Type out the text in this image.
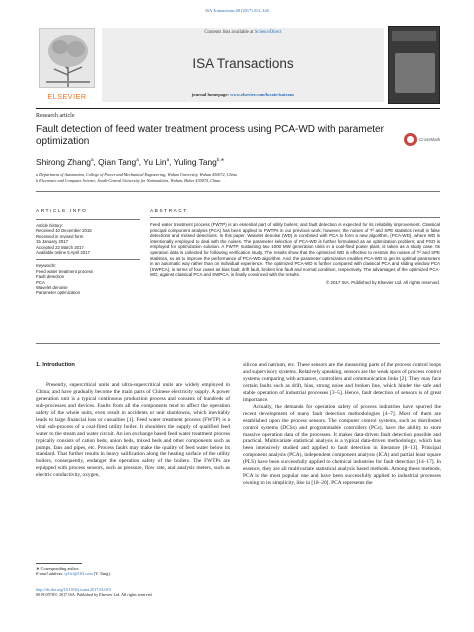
ISA Transactions 68 (2017) 313–326
ELSEVIER
Contents lists available at ScienceDirect
ISA Transactions
journal homepage: www.elsevier.com/locate/isatrans
Research article
Fault detection of feed water treatment process using PCA-WD with parameter optimization	CrossMark
Shirong Zhang$^a$, Qian Tang$^a$, Yu Lin$^a$, Yuling Tang$^{b,∗}$
a Department of Automation, College of Power and Mechanical Engineering, Wuhan University, Wuhan 430072, China
b Electronic and Computer Science, South-Central University for Nationalities, Wuhan, Hubei 430074, China
ARTICLE INFO
Article history:
Received 10 December 2015
Received in revised form
15 January 2017
Accepted 22 March 2017
Available online 5 April 2017
Keywords:
Feed water treatment process
Fault detection
PCA
Wavelet denoise
Parameter optimization
ABSTRACT
Feed water treatment process (FWTP) is an essential part of utility boilers; and fault detection is expected for its reliability improvement. Classical principal component analysis (PCA) has been applied to FWTPs in our previous work; however, the noises of T² and SPE statistics result in false detections and missed detections. In this paper, Wavelet denoise (WD) is combined with PCA to form a new algorithm, (PCA-WD), where WD is intentionally employed to deal with the noises. The parameter selection of PCA-WD is further formulated as an optimization problem; and PSO is employed for optimization solution. A FWTP, sustaining two 1000 MW generation units in a coal-fired power plant, is taken as a study case. Its operation data is collected for following verification study. The results show that the optimized WD is effective to restrain the noises of T² and SPE statistics, so as to improve the performance of PCA-WD algorithm. And, the parameter optimization enables PCA-WD to get its optimal parameters in an automatic way rather than on individual experience. The optimized PCA-WD is further compared with classical PCA and sliding window PCA (SWPCA), in terms of four cases as bias fault, drift fault, broken line fault and normal condition, respectively. The advantages of the optimized PCA-WD, against classical PCA and SWPCA, is finally convinced with the results.
© 2017 ISA. Published by Elsevier Ltd. All rights reserved.
1. Introduction

Presently, supercritical units and ultra-supercritical units are widely employed in China; and have gradually become the main parts of Chinese electricity supply. A power generation unit is a typical continuous production process and consists of hundreds of sub-processes and devices. Faults from all the components tend to affect the operation safety of the whole units, even result in accidents or unit shutdowns, which inevitably leads to large financial loss or casualties [1]. Feed water treatment process (FWTP) is a vital sub-process of a coal-fired utility boiler. It shoulders the supply of qualified feed water to the steam and water circuit. An ion exchange based feed water treatment process typically consists of cation beds, anion beds, mixed beds and other components such as pumps, fans and pipes, etc. Process faults may make the quality of feed water below its standard. That further results in heavy salification along the heating surface of the utility boilers, consequently, endanger the operation safety of the boilers. The FWTPs are equipped with process sensors, such as pressure, flow rate, and analysis meters, such as electric conductivity, oxygen,

silicon and natrium, etc. These sensors are the measuring parts of the process control loops and supervisory systems. Relatively speaking, sensors are the weak spots of process control systems comparing with actuators, controllers and communication links [2]. They may face certain faults such as drift, bias, strong noise and broken line, which hinder the safe and stable operation of industrial processes [3–5]. Hence, fault detection of sensors is of great importance.

Actually, the demands for operation safety of process industries have spurred the recent development of many fault detection methodologies [4–7]. Most of them are established upon the process sensors. The computer control systems, such as distributed control systems (DCSs) and programmable controllers (PCs), have the ability to store massive operation data of the processes. It makes data-driven fault detection possible and practical. Multivariate statistical analysis is a typical data-driven methodology, which has been intensively studied and applied to fault detection in literature [8–13]. Principal component analysis (PCA), independent component analysis (ICA) and partial least square (PLS) have been successfully applied to chemical industries for fault detection [14–17]. In essence, they are all multivariate statistical analysis based methods. Among these methods, PCA is the most popular one and have been successfully applied to industrial processes owning to its simplicity, like in [18–20]. PCA represents the

∗ Corresponding author.
E-mail address: tyl1rt@163.com (Y. Tang).
http://dx.doi.org/10.1016/j.isatra.2017.03.019
0019-0578/© 2017 ISA. Published by Elsevier Ltd. All rights reserved.
